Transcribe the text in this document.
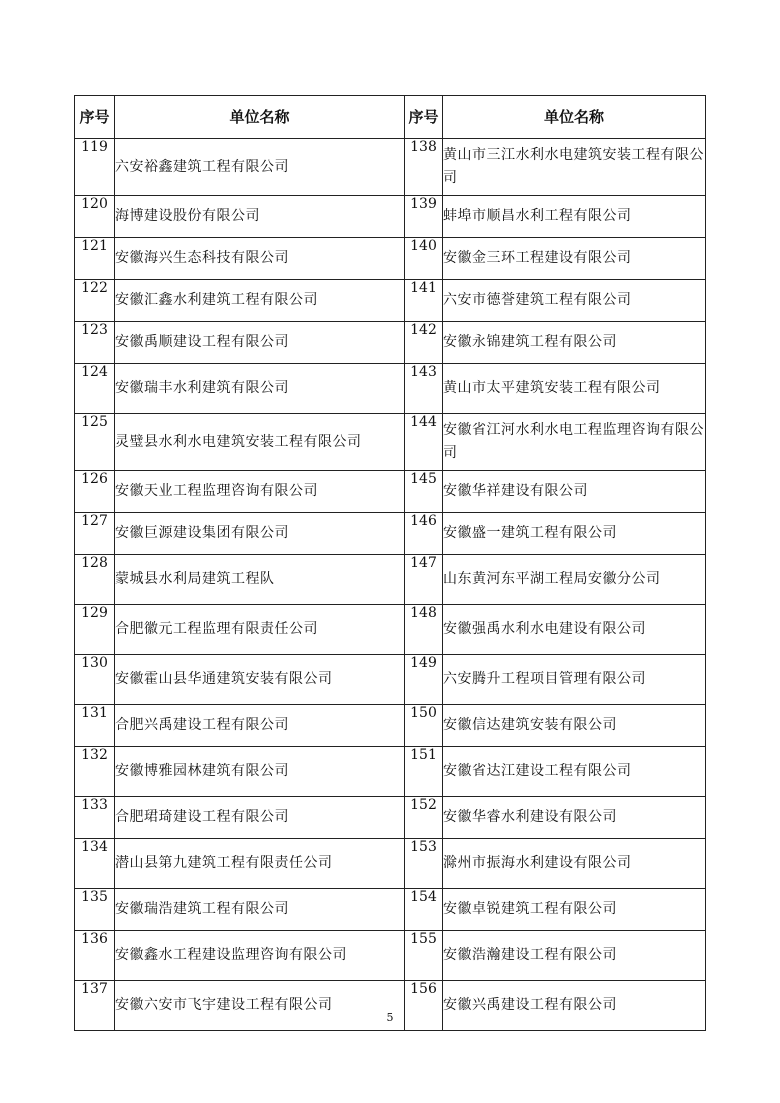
序号	单位名称	序号	单位名称
119	六安裕鑫建筑工程有限公司	138	黄山市三江水利水电建筑安装工程有限公司
120	海博建设股份有限公司	139	蚌埠市顺昌水利工程有限公司
121	安徽海兴生态科技有限公司	140	安徽金三环工程建设有限公司
122	安徽汇鑫水利建筑工程有限公司	141	六安市德誉建筑工程有限公司
123	安徽禹顺建设工程有限公司	142	安徽永锦建筑工程有限公司
124	安徽瑞丰水利建筑有限公司	143	黄山市太平建筑安装工程有限公司
125	灵璧县水利水电建筑安装工程有限公司	144	安徽省江河水利水电工程监理咨询有限公司
126	安徽天业工程监理咨询有限公司	145	安徽华祥建设有限公司
127	安徽巨源建设集团有限公司	146	安徽盛一建筑工程有限公司
128	蒙城县水利局建筑工程队	147	山东黄河东平湖工程局安徽分公司
129	合肥徽元工程监理有限责任公司	148	安徽强禹水利水电建设有限公司
130	安徽霍山县华通建筑安装有限公司	149	六安腾升工程项目管理有限公司
131	合肥兴禹建设工程有限公司	150	安徽信达建筑安装有限公司
132	安徽博雅园林建筑有限公司	151	安徽省达江建设工程有限公司
133	合肥珺琦建设工程有限公司	152	安徽华睿水利建设有限公司
134	潜山县第九建筑工程有限责任公司	153	滁州市振海水利建设有限公司
135	安徽瑞浩建筑工程有限公司	154	安徽卓锐建筑工程有限公司
136	安徽鑫水工程建设监理咨询有限公司	155	安徽浩瀚建设工程有限公司
137	安徽六安市飞宇建设工程有限公司	156	安徽兴禹建设工程有限公司
5
